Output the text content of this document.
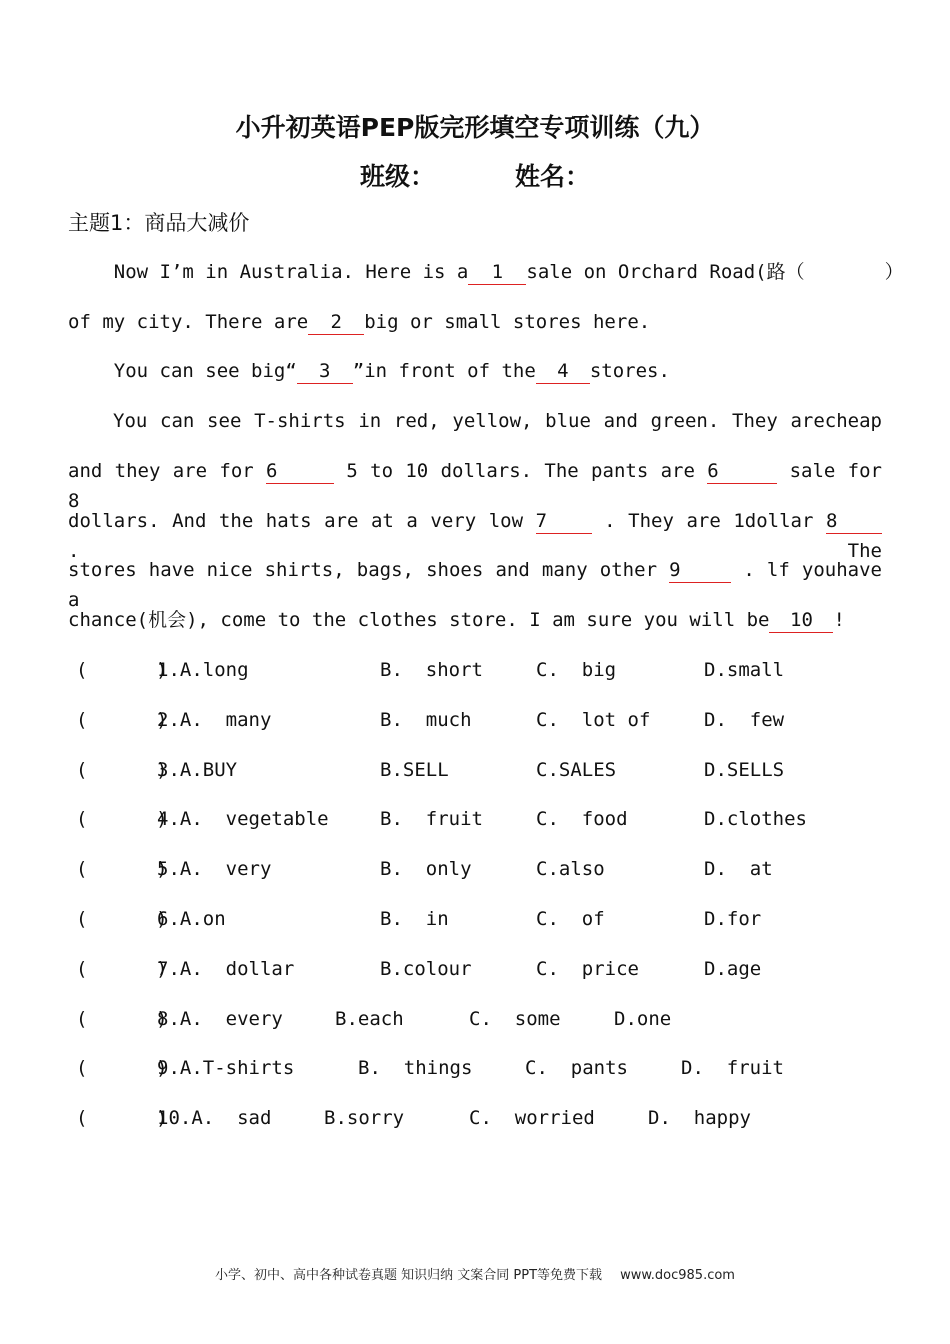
小升初英语PEP版完形填空专项训练（九）
班级：	姓名：
主题1：商品大减价
Now I’m in Australia. Here is a 1 sale on Orchard Road(路（       ）
of my city. There are 2 big or small stores here.
You can see big“ 3 ”in front of the 4 stores.
You can see T-shirts in red, yellow, blue and green. They arecheap
and they are for 6	5 to 10 dollars. The pants are 6	sale for 8
dollars. And the hats are at a very low 7	. They are 1dollar 8 . The
stores have nice shirts, bags, shoes and many other 9	. lf youhave a
chance(机会), come to the clothes store. I am sure you will be 10 !
(      )
1.A.long	B.  short	C.  big	D.small
(      )
2.A.  many	B.  much	C.  lot of	D.  few
(      )
3.A.BUY	B.SELL	C.SALES	D.SELLS
(      )
4.A.  vegetable	B.  fruit	C.  food	D.clothes
(      )
5.A.  very	B.  only	C.also	D.  at
(      )
6.A.on	B.  in	C.  of	D.for
(      )
7.A.  dollar	B.colour	C.  price	D.age
(      )
8.A.  every	B.each	C.  some	D.one
(      )
9.A.T-shirts	B.  things	C.  pants	D.  fruit
(      )
10.A.  sad	B.sorry	C.  worried	D.  happy
小学、初中、高中各种试卷真题 知识归纳 文案合同 PPT等免费下载 www.doc985.com
